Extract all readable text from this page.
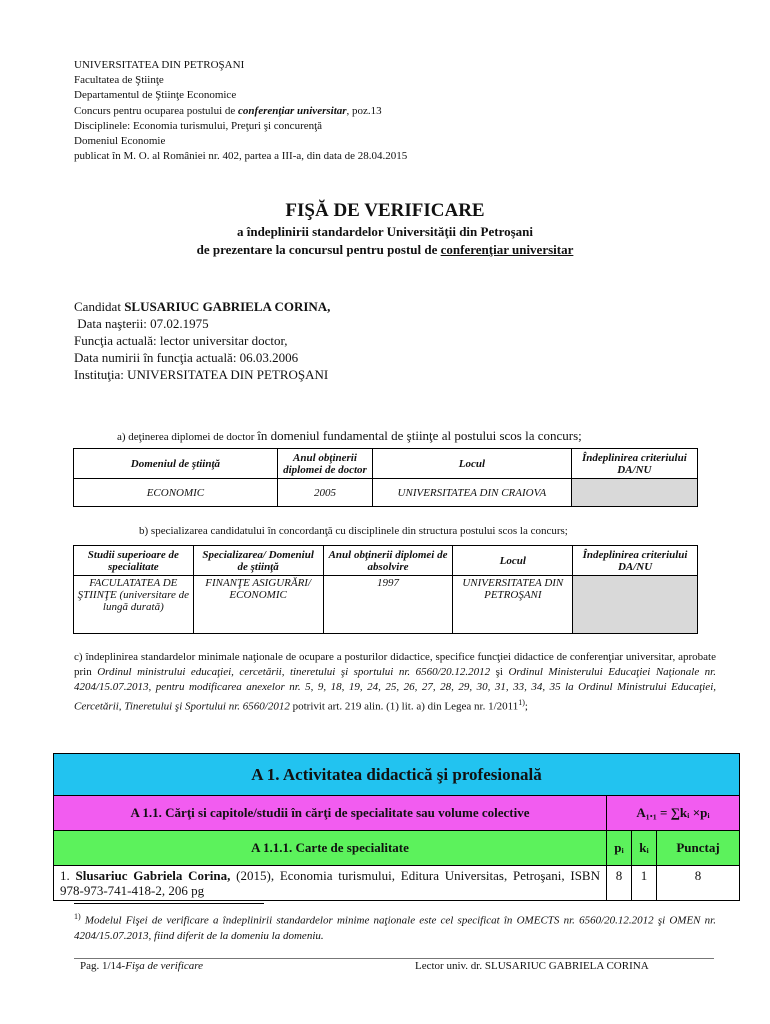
UNIVERSITATEA DIN PETROŞANI
Facultatea de Ştiinţe
Departamentul de Ştiinţe Economice
Concurs pentru ocuparea postului de conferenţiar universitar, poz.13
Disciplinele: Economia turismului, Preţuri şi concurenţă
Domeniul Economie
publicat în M. O. al României nr. 402, partea a III-a, din data de 28.04.2015
FIŞĂ DE VERIFICARE
a îndeplinirii standardelor Universităţii din Petroşani
de prezentare la concursul pentru postul de conferenţiar universitar
Candidat SLUSARIUC GABRIELA CORINA,
Data naşterii: 07.02.1975
Funcţia actuală: lector universitar doctor,
Data numirii în funcţia actuală: 06.03.2006
Instituţia: UNIVERSITATEA DIN PETROŞANI
a) deţinerea diplomei de doctor în domeniul fundamental de ştiinţe al postului scos la concurs;
Domeniul de ştiinţă	Anul obţinerii diplomei de doctor	Locul	Îndeplinirea criteriului DA/NU
ECONOMIC	2005	UNIVERSITATEA DIN CRAIOVA	
b) specializarea candidatului în concordanţă cu disciplinele din structura postului scos la concurs;
Studii superioare de specialitate	Specializarea/ Domeniul de ştiinţă	Anul obţinerii diplomei de absolvire	Locul	Îndeplinirea criteriului DA/NU
FACULATATEA DE ŞTIINŢE (universitare de lungă durată)	FINANŢE ASIGURĂRI/ ECONOMIC	1997	UNIVERSITATEA DIN PETROŞANI	
c) îndeplinirea standardelor minimale naţionale de ocupare a posturilor didactice, specifice funcţiei didactice de conferenţiar universitar, aprobate prin Ordinul ministrului educaţiei, cercetării, tineretului şi sportului nr. 6560/20.12.2012 şi Ordinul Ministerului Educaţiei Naţionale nr. 4204/15.07.2013, pentru modificarea anexelor nr. 5, 9, 18, 19, 24, 25, 26, 27, 28, 29, 30, 31, 33, 34, 35 la Ordinul Ministrului Educaţiei, Cercetării, Tineretului şi Sportului nr. 6560/2012 potrivit art. 219 alin. (1) lit. a) din Legea nr. 1/2011$^{1)}$;
A 1. Activitatea didactică şi profesională			
A 1.1. Cărţi si capitole/studii în cărţi de specialitate sau volume colective	A₁.₁ = ∑kᵢ ×pᵢ		
A 1.1.1. Carte de specialitate	pᵢ	kᵢ	Punctaj
1. Slusariuc Gabriela Corina, (2015), Economia turismului, Editura Universitas, Petroşani, ISBN 978-973-741-418-2, 206 pg	8	1	8
$^{1)}$ Modelul Fişei de verificare a îndeplinirii standardelor minime naţionale este cel specificat în OMECTS nr. 6560/20.12.2012 şi OMEN nr. 4204/15.07.2013, fiind diferit de la domeniu la domeniu.
Pag. 1/14-Fişa de verificare	Lector univ. dr. SLUSARIUC GABRIELA CORINA
